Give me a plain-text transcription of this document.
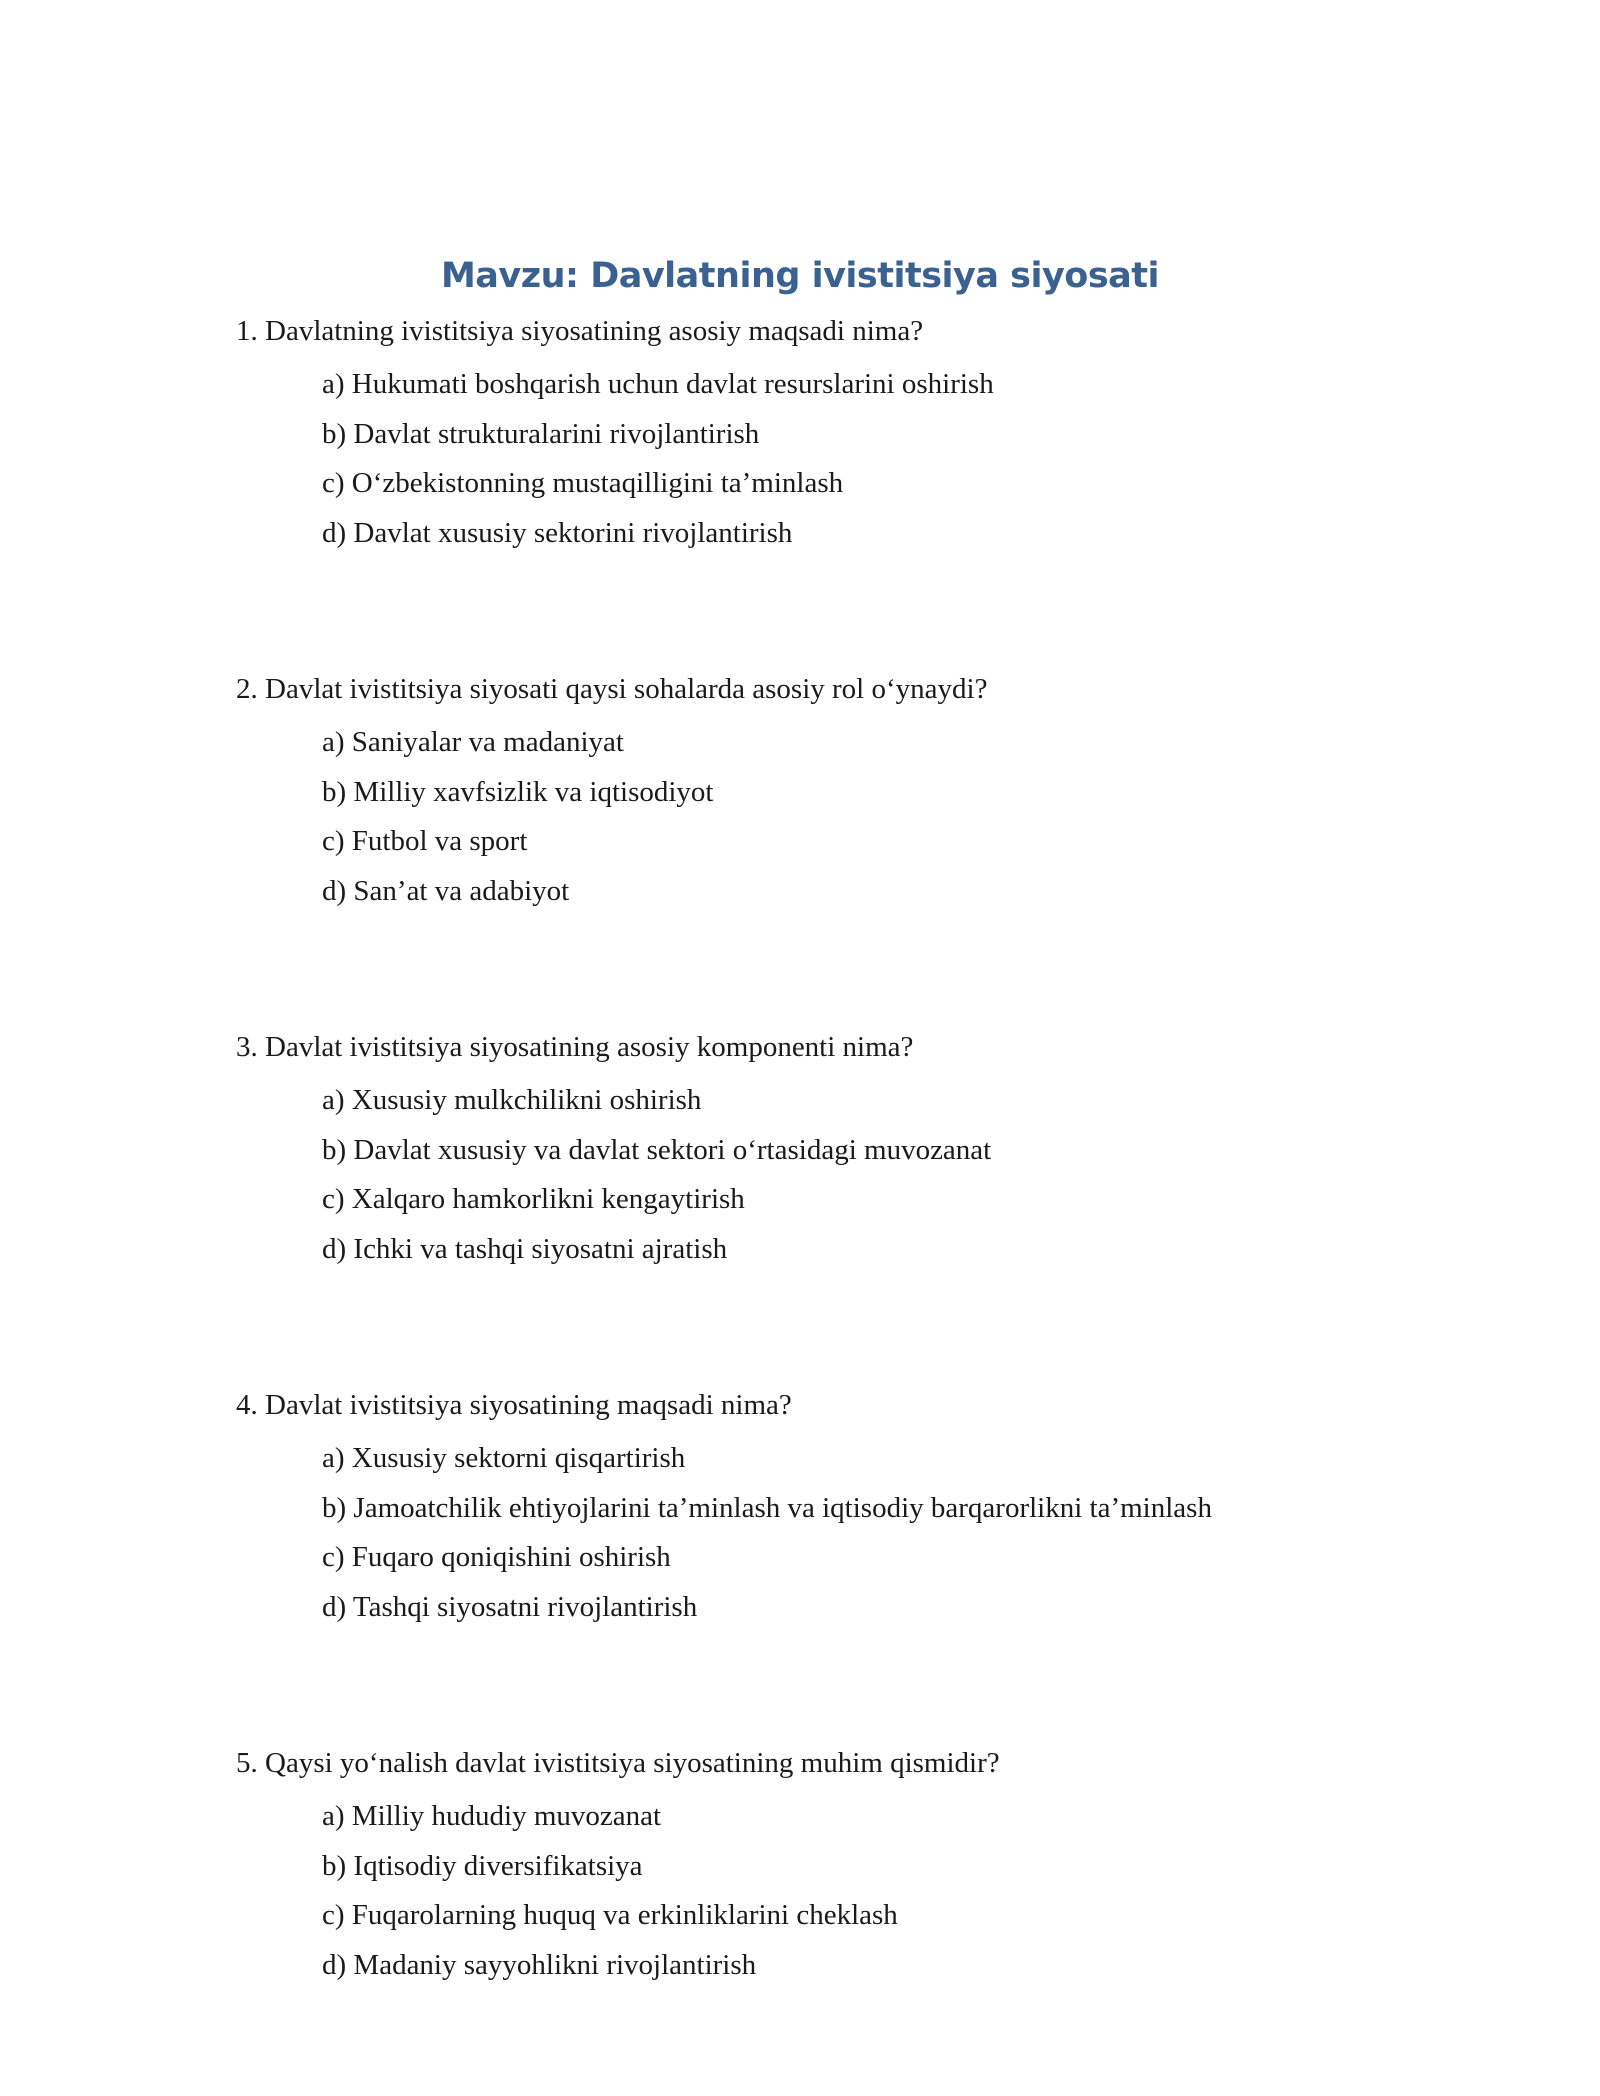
Mavzu: Davlatning ivistitsiya siyosati

1. Davlatning ivistitsiya siyosatining asosiy maqsadi nima?

a) Hukumati boshqarish uchun davlat resurslarini oshirish
b) Davlat strukturalarini rivojlantirish
c) O‘zbekistonning mustaqilligini ta’minlash
d) Davlat xususiy sektorini rivojlantirish

2. Davlat ivistitsiya siyosati qaysi sohalarda asosiy rol o‘ynaydi?

a) Saniyalar va madaniyat
b) Milliy xavfsizlik va iqtisodiyot
c) Futbol va sport
d) San’at va adabiyot

3. Davlat ivistitsiya siyosatining asosiy komponenti nima?

a) Xususiy mulkchilikni oshirish
b) Davlat xususiy va davlat sektori o‘rtasidagi muvozanat
c) Xalqaro hamkorlikni kengaytirish
d) Ichki va tashqi siyosatni ajratish

4. Davlat ivistitsiya siyosatining maqsadi nima?

a) Xususiy sektorni qisqartirish
b) Jamoatchilik ehtiyojlarini ta’minlash va iqtisodiy barqarorlikni ta’minlash
c) Fuqaro qoniqishini oshirish
d) Tashqi siyosatni rivojlantirish

5. Qaysi yo‘nalish davlat ivistitsiya siyosatining muhim qismidir?

a) Milliy hududiy muvozanat
b) Iqtisodiy diversifikatsiya
c) Fuqarolarning huquq va erkinliklarini cheklash
d) Madaniy sayyohlikni rivojlantirish
